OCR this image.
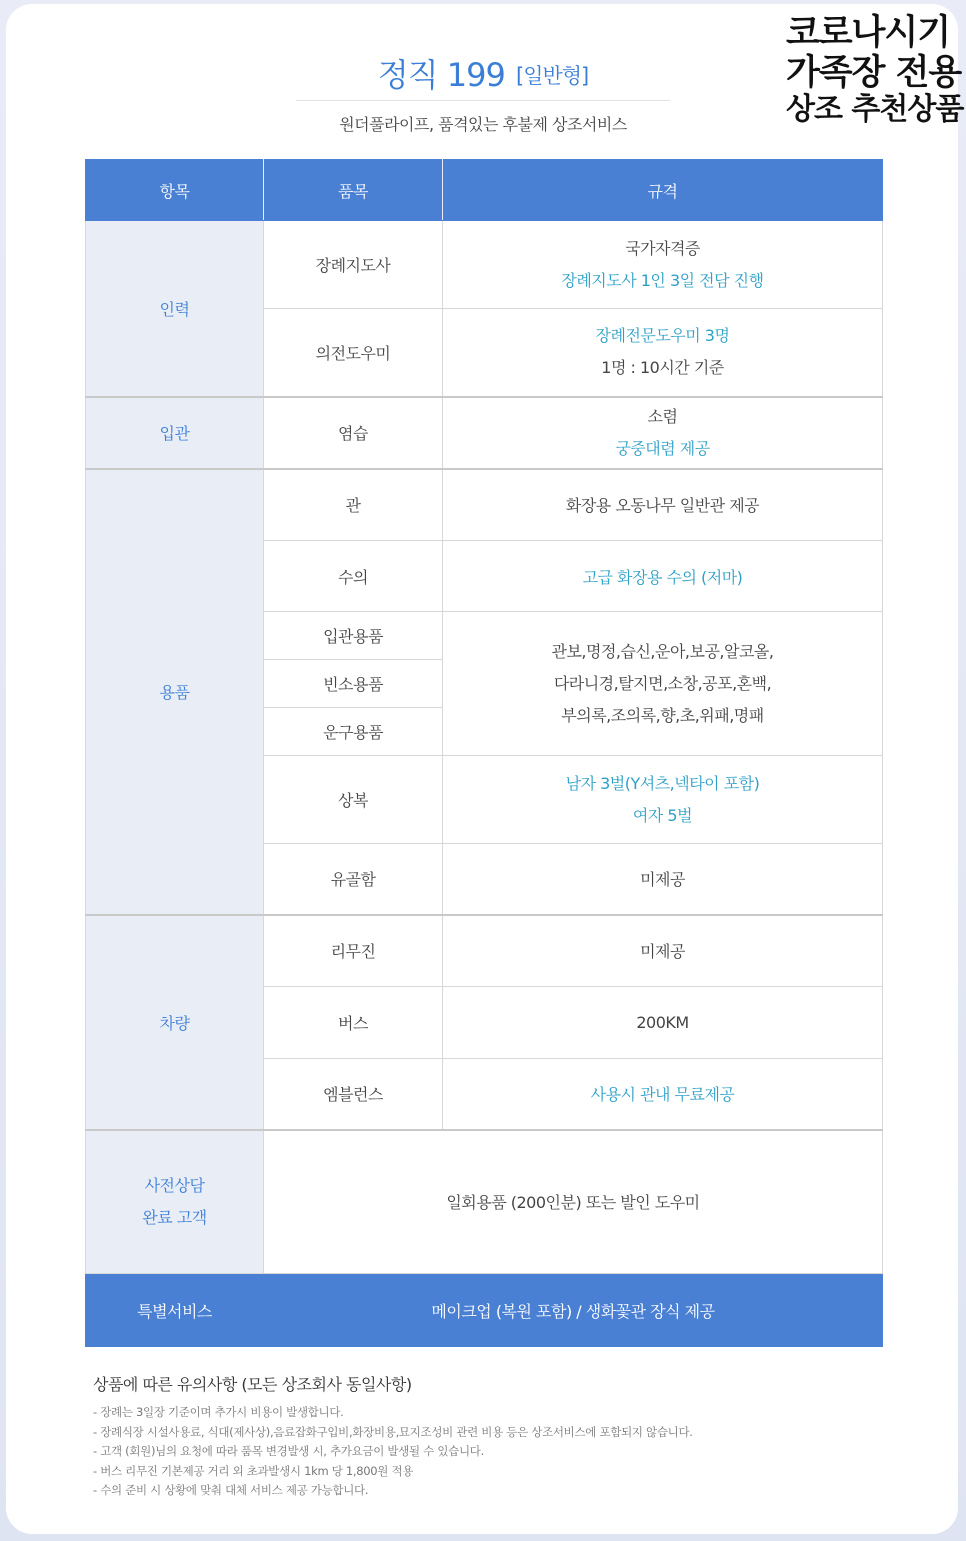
코로나시기
가족장 전용
상조 추천상품
정직 199 [일반형]
원더풀라이프, 품격있는 후불제 상조서비스
항목	품목	규격
인력	장례지도사	국가자격증
장례지도사 1인 3일 전담 진행

	의전도우미	장례전문도우미 3명
1명 : 10시간 기준

입관	염습	소렴
궁중대렴 제공

용품	관	화장용 오동나무 일반관 제공
	수의	고급 화장용 수의 (저마)
	입관용품	관보,명정,습신,운아,보공,알코올,
다라니경,탈지면,소창,공포,혼백,
부의록,조의록,향,초,위패,명패

	빈소용품	
	운구용품	
	상복	남자 3벌(Y셔츠,넥타이 포함)
여자 5벌

	유골함	미제공
차량	리무진	미제공
	버스	200KM
	엠블런스	사용시 관내 무료제공

사전상담
완료 고객	일회용품 (200인분) 또는 발인 도우미	
특별서비스	메이크업 (복원 포함) / 생화꽃관 장식 제공	
상품에 따른 유의사항 (모든 상조회사 동일사항)
- 장례는 3일장 기준이며 추가시 비용이 발생합니다.
- 장례식장 시설사용료, 식대(제사상),음료잡화구입비,화장비용,묘지조성비 관련 비용 등은 상조서비스에 포함되지 않습니다.
- 고객 (회원)님의 요청에 따라 품목 변경발생 시, 추가요금이 발생될 수 있습니다.
- 버스 리무진 기본제공 거리 외 초과발생시 1km 당 1,800원 적용
- 수의 준비 시 상황에 맞춰 대체 서비스 제공 가능합니다.
